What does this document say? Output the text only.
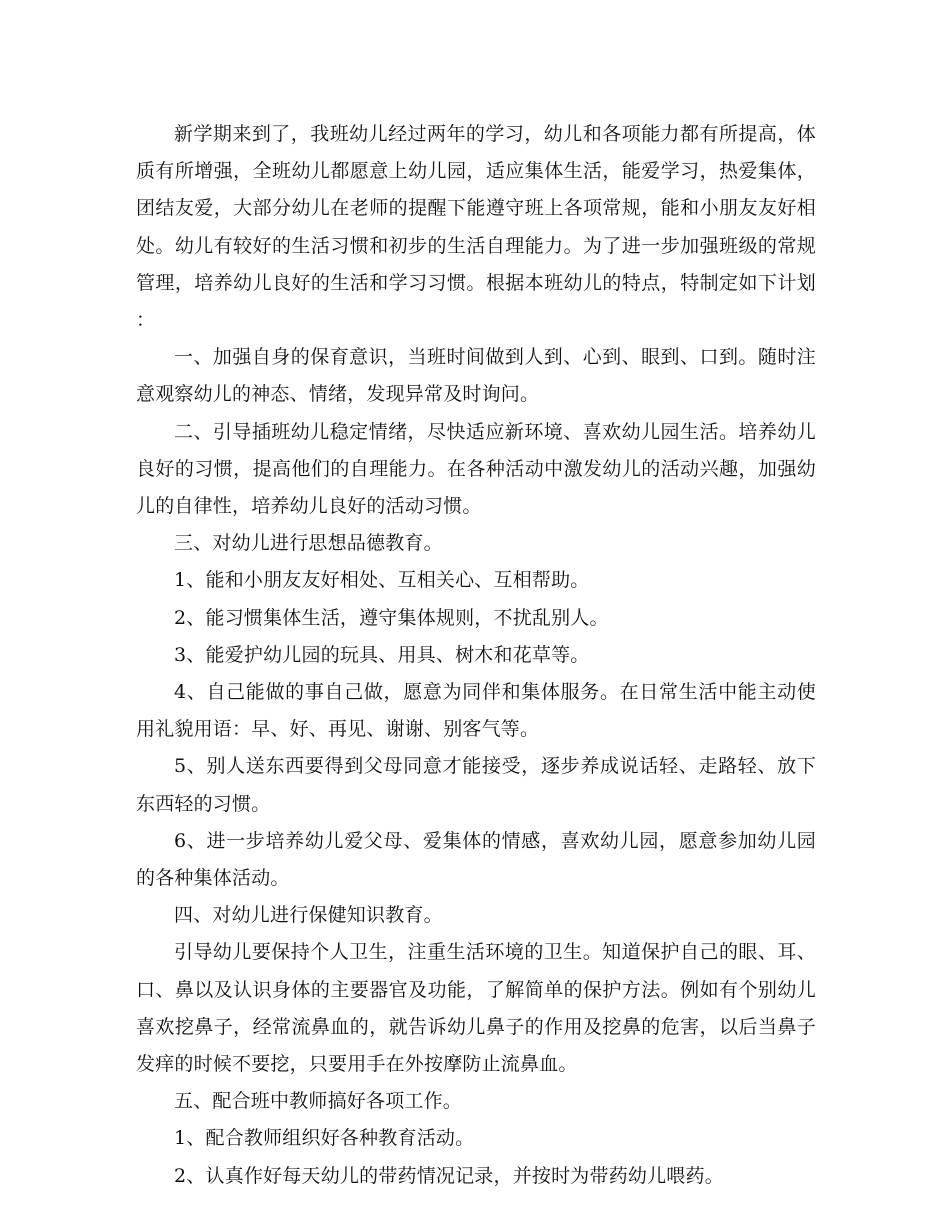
新学期来到了，我班幼儿经过两年的学习，幼儿和各项能力都有所提高，体质有所增强，全班幼儿都愿意上幼儿园，适应集体生活，能爱学习，热爱集体，团结友爱，大部分幼儿在老师的提醒下能遵守班上各项常规，能和小朋友友好相处。幼儿有较好的生活习惯和初步的生活自理能力。为了进一步加强班级的常规管理，培养幼儿良好的生活和学习习惯。根据本班幼儿的特点，特制定如下计划：

一、加强自身的保育意识，当班时间做到人到、心到、眼到、口到。随时注意观察幼儿的神态、情绪，发现异常及时询问。

二、引导插班幼儿稳定情绪，尽快适应新环境、喜欢幼儿园生活。培养幼儿良好的习惯，提高他们的自理能力。在各种活动中激发幼儿的活动兴趣，加强幼儿的自律性，培养幼儿良好的活动习惯。

三、对幼儿进行思想品德教育。

1、能和小朋友友好相处、互相关心、互相帮助。

2、能习惯集体生活，遵守集体规则，不扰乱别人。

3、能爱护幼儿园的玩具、用具、树木和花草等。

4、自己能做的事自己做，愿意为同伴和集体服务。在日常生活中能主动使用礼貌用语：早、好、再见、谢谢、别客气等。

5、别人送东西要得到父母同意才能接受，逐步养成说话轻、走路轻、放下东西轻的习惯。

6、进一步培养幼儿爱父母、爱集体的情感，喜欢幼儿园，愿意参加幼儿园的各种集体活动。

四、对幼儿进行保健知识教育。

引导幼儿要保持个人卫生，注重生活环境的卫生。知道保护自己的眼、耳、口、鼻以及认识身体的主要器官及功能，了解简单的保护方法。例如有个别幼儿喜欢挖鼻子，经常流鼻血的，就告诉幼儿鼻子的作用及挖鼻的危害，以后当鼻子发痒的时候不要挖，只要用手在外按摩防止流鼻血。

五、配合班中教师搞好各项工作。

1、配合教师组织好各种教育活动。

2、认真作好每天幼儿的带药情况记录，并按时为带药幼儿喂药。
